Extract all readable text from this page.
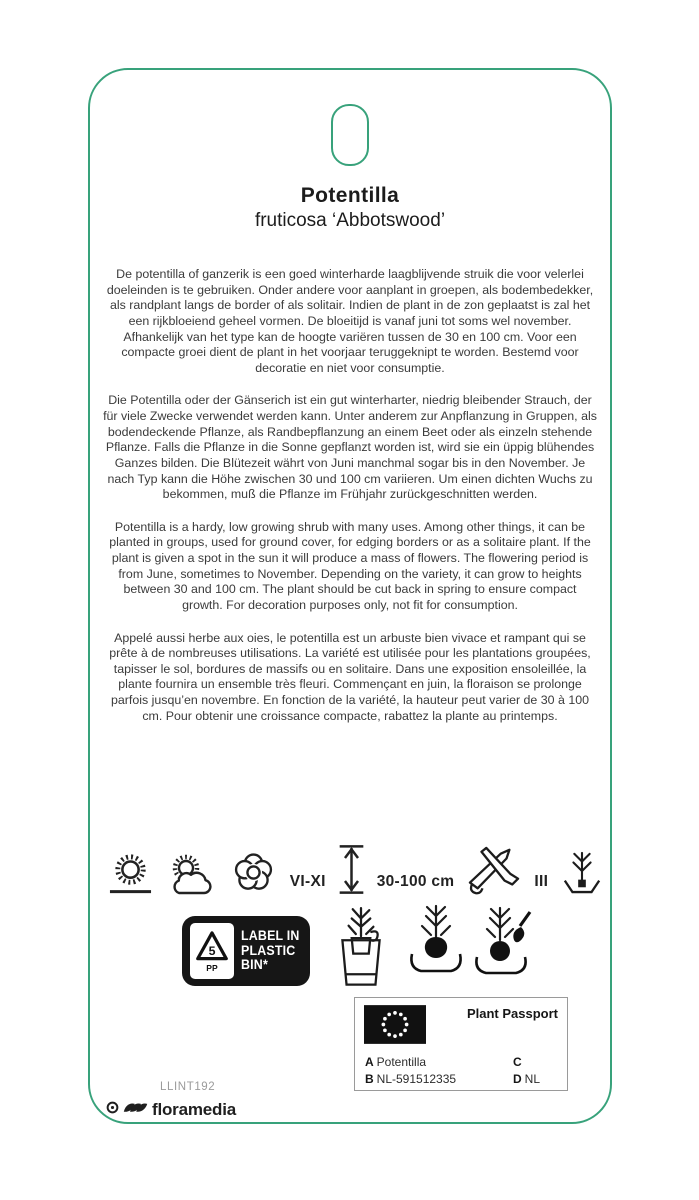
Potentilla
fruticosa ‘Abbotswood’

De potentilla of ganzerik is een goed winterharde laagblijvende struik die voor velerlei doeleinden is te gebruiken. Onder andere voor aanplant in groepen, als bodembedekker, als randplant langs de border of als solitair. Indien de plant in de zon geplaatst is zal het een rijkbloeiend geheel vormen. De bloeitijd is vanaf juni tot soms wel november. Afhankelijk van het type kan de hoogte variëren tussen de 30 en 100 cm. Voor een compacte groei dient de plant in het voorjaar teruggeknipt te worden. Bestemd voor decoratie en niet voor consumptie.

Die Potentilla oder der Gänserich ist ein gut winterharter, niedrig bleibender Strauch, der für viele Zwecke verwendet werden kann. Unter anderem zur Anpflanzung in Gruppen, als bodendeckende Pflanze, als Randbepflanzung an einem Beet oder als einzeln stehende Pflanze. Falls die Pflanze in die Sonne gepflanzt worden ist, wird sie ein üppig blühendes Ganzes bilden. Die Blütezeit währt von Juni manchmal sogar bis in den November. Je nach Typ kann die Höhe zwischen 30 und 100 cm variieren. Um einen dichten Wuchs zu bekommen, muß die Pflanze im Frühjahr zurückgeschnitten werden.

Potentilla is a hardy, low growing shrub with many uses. Among other things, it can be planted in groups, used for ground cover, for edging borders or as a solitaire plant. If the plant is given a spot in the sun it will produce a mass of flowers. The flowering period is from June, sometimes to November. Depending on the variety, it can grow to heights between 30 and 100 cm. The plant should be cut back in spring to ensure compact growth. For decoration purposes only, not fit for consumption.

Appelé aussi herbe aux oies, le potentilla est un arbuste bien vivace et rampant qui se prête à de nombreuses utilisations. La variété est utilisée pour les plantations groupées, tapisser le sol, bordures de massifs ou en solitaire. Dans une exposition ensoleillée, la plante fournira un ensemble très fleuri. Commençant en juin, la floraison se prolonge parfois jusqu’en novembre. En fonction de la variété, la hauteur peut varier de 30 à 100 cm. Pour obtenir une croissance compacte, rabattez la plante au printemps.

VI-XI	30-100 cm	III
5
PP
LABEL IN
PLASTIC
BIN*
Plant Passport
A Potentilla	C
B NL-591512335	D NL
LLINT192
floramedia
